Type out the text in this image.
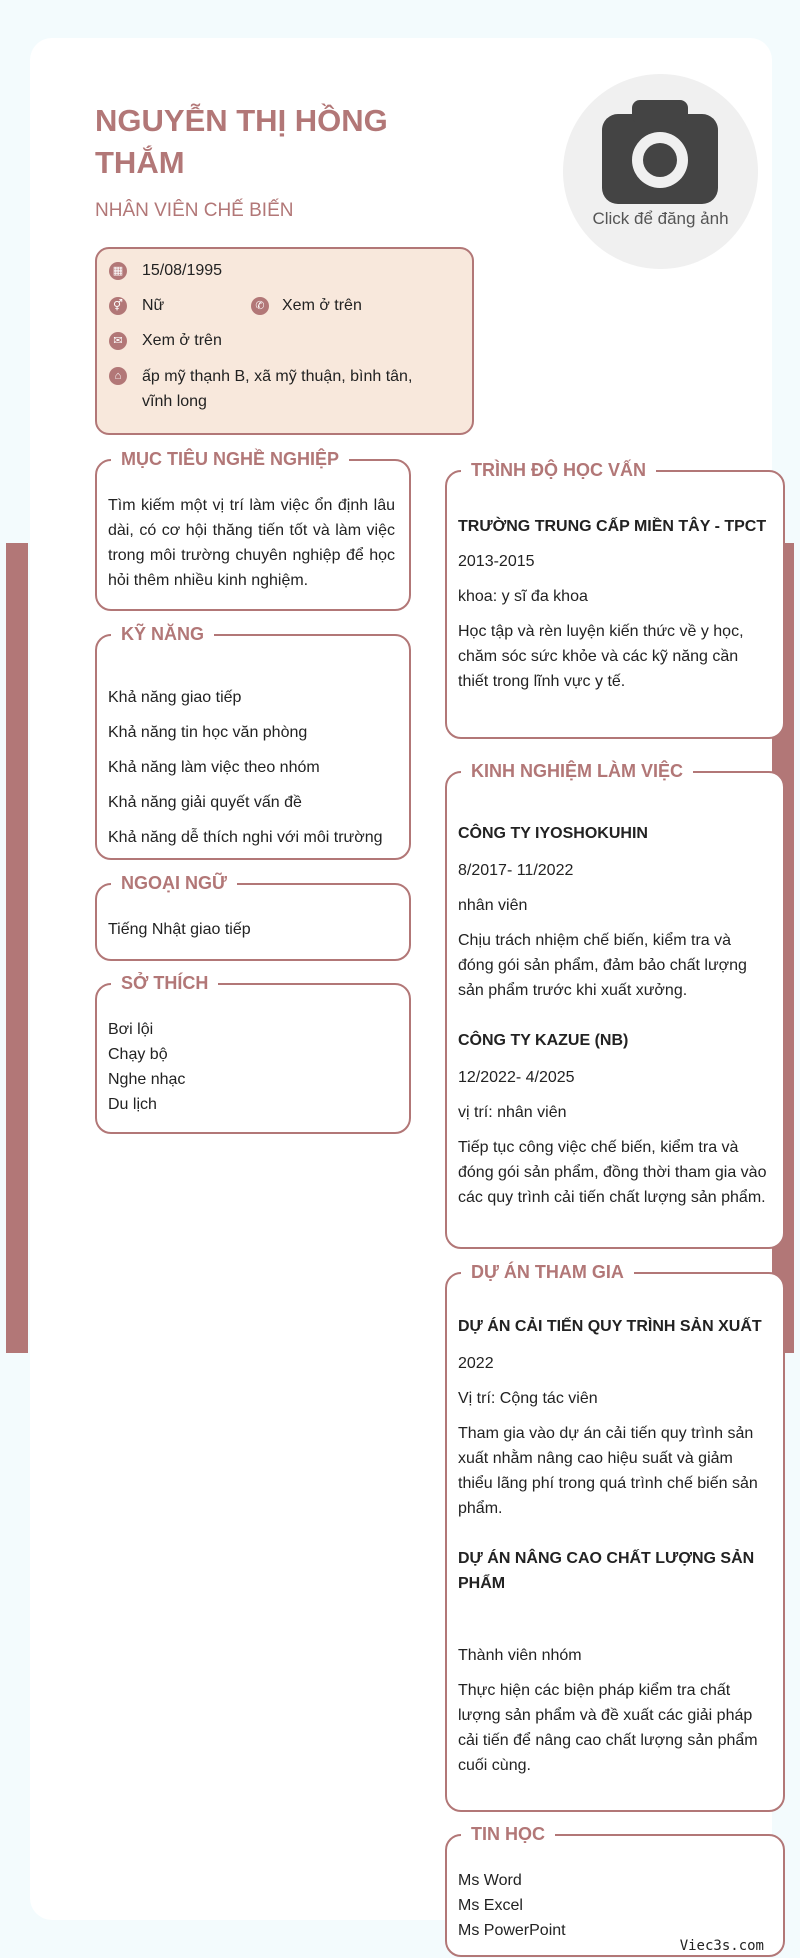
NGUYỄN THỊ HỒNG THẮM
NHÂN VIÊN CHẾ BIẾN	Click để đăng ảnh
▦ 15/08/1995
⚥ Nữ	✆ Xem ở trên
✉ Xem ở trên
⌂	ấp mỹ thạnh B, xã mỹ thuận, bình tân, vĩnh long
MỤC TIÊU NGHỀ NGHIỆP
Tìm kiếm một vị trí làm việc ổn định lâu dài, có cơ hội thăng tiến tốt và làm việc trong môi trường chuyên nghiệp để học hỏi thêm nhiều kinh nghiệm.
KỸ NĂNG
Khả năng giao tiếp
Khả năng tin học văn phòng
Khả năng làm việc theo nhóm
Khả năng giải quyết vấn đề
Khả năng dễ thích nghi với môi trường
NGOẠI NGỮ
Tiếng Nhật giao tiếp
SỞ THÍCH
Bơi lội
Chạy bộ
Nghe nhạc
Du lịch
TRÌNH ĐỘ HỌC VẤN
TRƯỜNG TRUNG CẤP MIỀN TÂY - TPCT
2013-2015
khoa: y sĩ đa khoa
Học tập và rèn luyện kiến thức về y học, chăm sóc sức khỏe và các kỹ năng cần thiết trong lĩnh vực y tế.
KINH NGHIỆM LÀM VIỆC
CÔNG TY IYOSHOKUHIN
8/2017- 11/2022
nhân viên
Chịu trách nhiệm chế biến, kiểm tra và đóng gói sản phẩm, đảm bảo chất lượng sản phẩm trước khi xuất xưởng.
CÔNG TY KAZUE (NB)
12/2022- 4/2025
vị trí: nhân viên
Tiếp tục công việc chế biến, kiểm tra và đóng gói sản phẩm, đồng thời tham gia vào các quy trình cải tiến chất lượng sản phẩm.
DỰ ÁN THAM GIA
DỰ ÁN CẢI TIẾN QUY TRÌNH SẢN XUẤT
2022
Vị trí: Cộng tác viên
Tham gia vào dự án cải tiến quy trình sản xuất nhằm nâng cao hiệu suất và giảm thiểu lãng phí trong quá trình chế biến sản phẩm.
DỰ ÁN NÂNG CAO CHẤT LƯỢNG SẢN PHẨM
Thành viên nhóm
Thực hiện các biện pháp kiểm tra chất lượng sản phẩm và đề xuất các giải pháp cải tiến để nâng cao chất lượng sản phẩm cuối cùng.
TIN HỌC
Ms Word
Ms Excel
Ms PowerPoint
Viec3s.com
